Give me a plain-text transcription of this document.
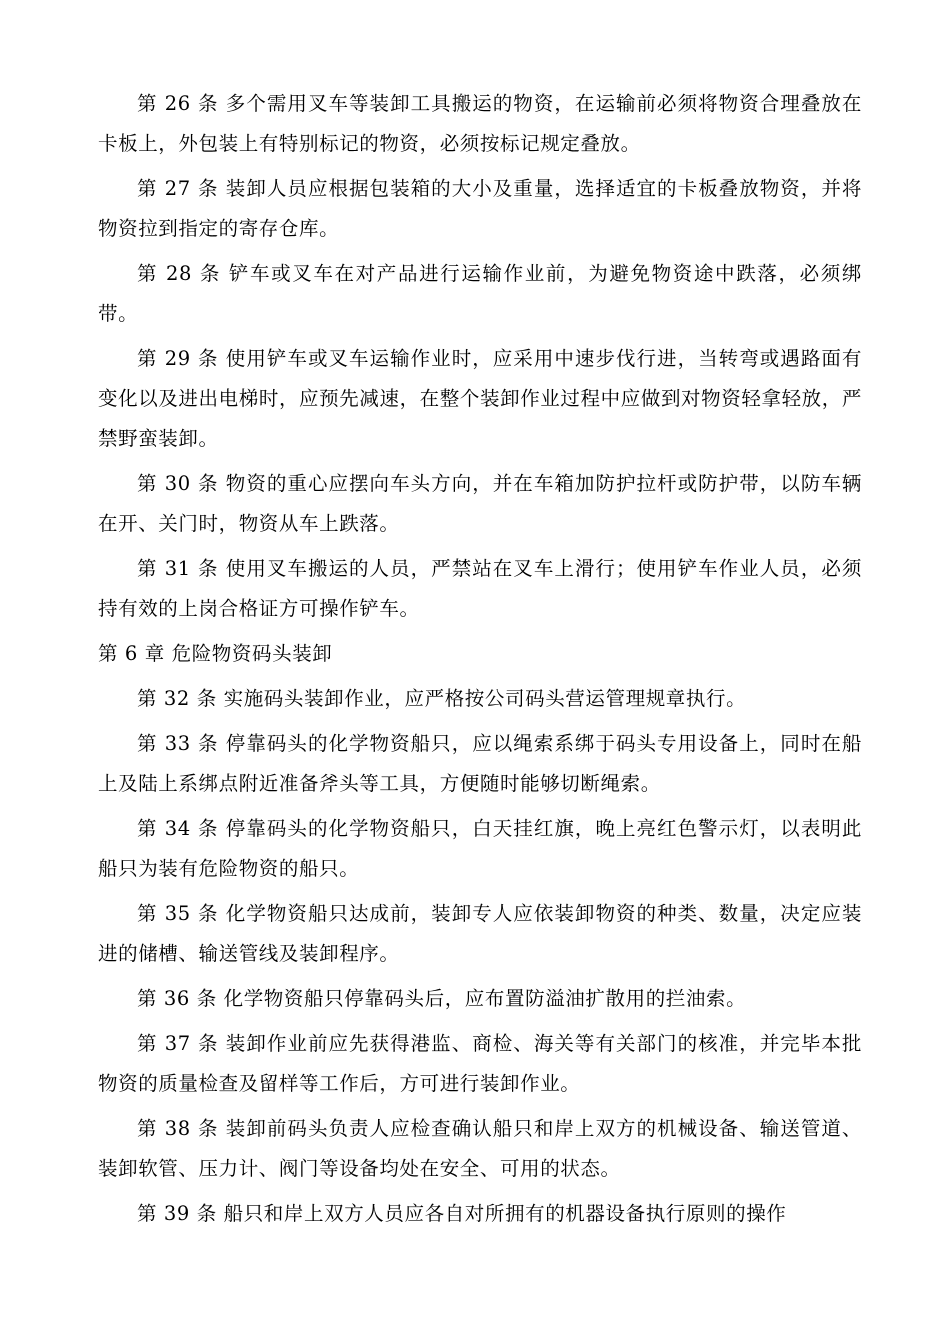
第 26 条 多个需用叉车等装卸工具搬运的物资，在运输前必须将物资合理叠放在卡板上，外包装上有特别标记的物资，必须按标记规定叠放。

第 27 条 装卸人员应根据包装箱的大小及重量，选择适宜的卡板叠放物资，并将物资拉到指定的寄存仓库。

第 28 条 铲车或叉车在对产品进行运输作业前，为避免物资途中跌落，必须绑带。

第 29 条 使用铲车或叉车运输作业时，应采用中速步伐行进，当转弯或遇路面有变化以及进出电梯时，应预先减速，在整个装卸作业过程中应做到对物资轻拿轻放，严禁野蛮装卸。

第 30 条 物资的重心应摆向车头方向，并在车箱加防护拉杆或防护带，以防车辆在开、关门时，物资从车上跌落。

第 31 条 使用叉车搬运的人员，严禁站在叉车上滑行；使用铲车作业人员，必须持有效的上岗合格证方可操作铲车。

第 6 章 危险物资码头装卸

第 32 条 实施码头装卸作业，应严格按公司码头营运管理规章执行。

第 33 条 停靠码头的化学物资船只，应以绳索系绑于码头专用设备上，同时在船上及陆上系绑点附近准备斧头等工具，方便随时能够切断绳索。

第 34 条 停靠码头的化学物资船只，白天挂红旗，晚上亮红色警示灯，以表明此船只为装有危险物资的船只。

第 35 条 化学物资船只达成前，装卸专人应依装卸物资的种类、数量，决定应装进的储槽、输送管线及装卸程序。

第 36 条 化学物资船只停靠码头后，应布置防溢油扩散用的拦油索。

第 37 条 装卸作业前应先获得港监、商检、海关等有关部门的核准，并完毕本批物资的质量检查及留样等工作后，方可进行装卸作业。

第 38 条 装卸前码头负责人应检查确认船只和岸上双方的机械设备、输送管道、装卸软管、压力计、阀门等设备均处在安全、可用的状态。

第 39 条 船只和岸上双方人员应各自对所拥有的机器设备执行原则的操作
